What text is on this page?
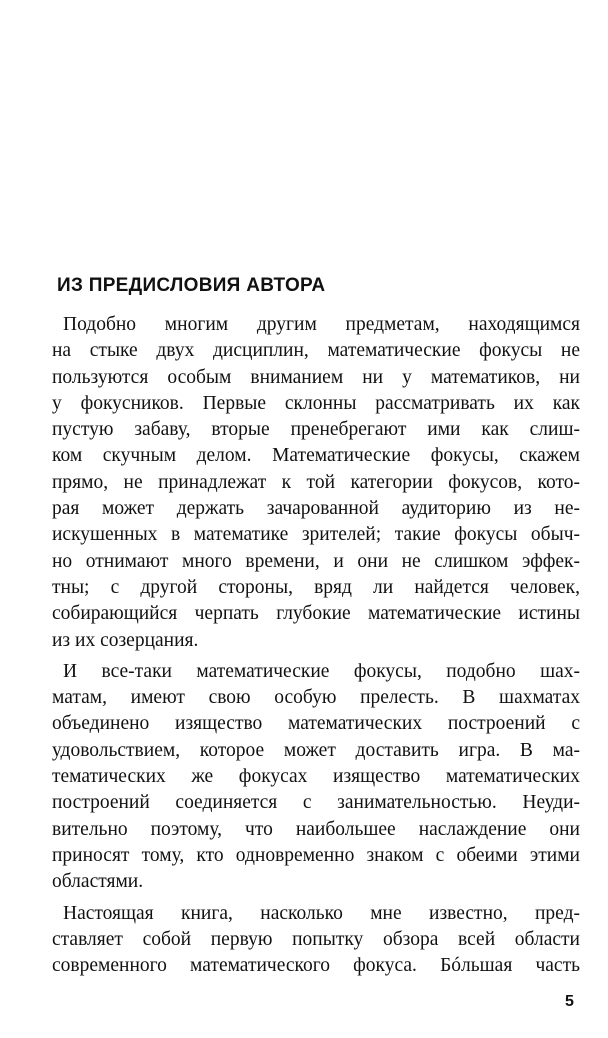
ИЗ ПРЕДИСЛОВИЯ АВТОРА
Подобно многим другим предметам, находящимся
на стыке двух дисциплин, математические фокусы не
пользуются особым вниманием ни у математиков, ни
у фокусников. Первые склонны рассматривать их как
пустую забаву, вторые пренебрегают ими как слиш-
ком скучным делом. Математические фокусы, скажем
прямо, не принадлежат к той категории фокусов, кото-
рая может держать зачарованной аудиторию из не-
искушенных в математике зрителей; такие фокусы обыч-
но отнимают много времени, и они не слишком эффек-
тны; с другой стороны, вряд ли найдется человек,
собирающийся черпать глубокие математические истины
из их созерцания.
И все-таки математические фокусы, подобно шах-
матам, имеют свою особую прелесть. В шахматах
объединено изящество математических построений с
удовольствием, которое может доставить игра. В ма-
тематических же фокусах изящество математических
построений соединяется с занимательностью. Неуди-
вительно поэтому, что наибольшее наслаждение они
приносят тому, кто одновременно знаком с обеими этими
областями.
Настоящая книга, насколько мне известно, пред-
ставляет собой первую попытку обзора всей области
современного математического фокуса. Бóльшая часть
5
